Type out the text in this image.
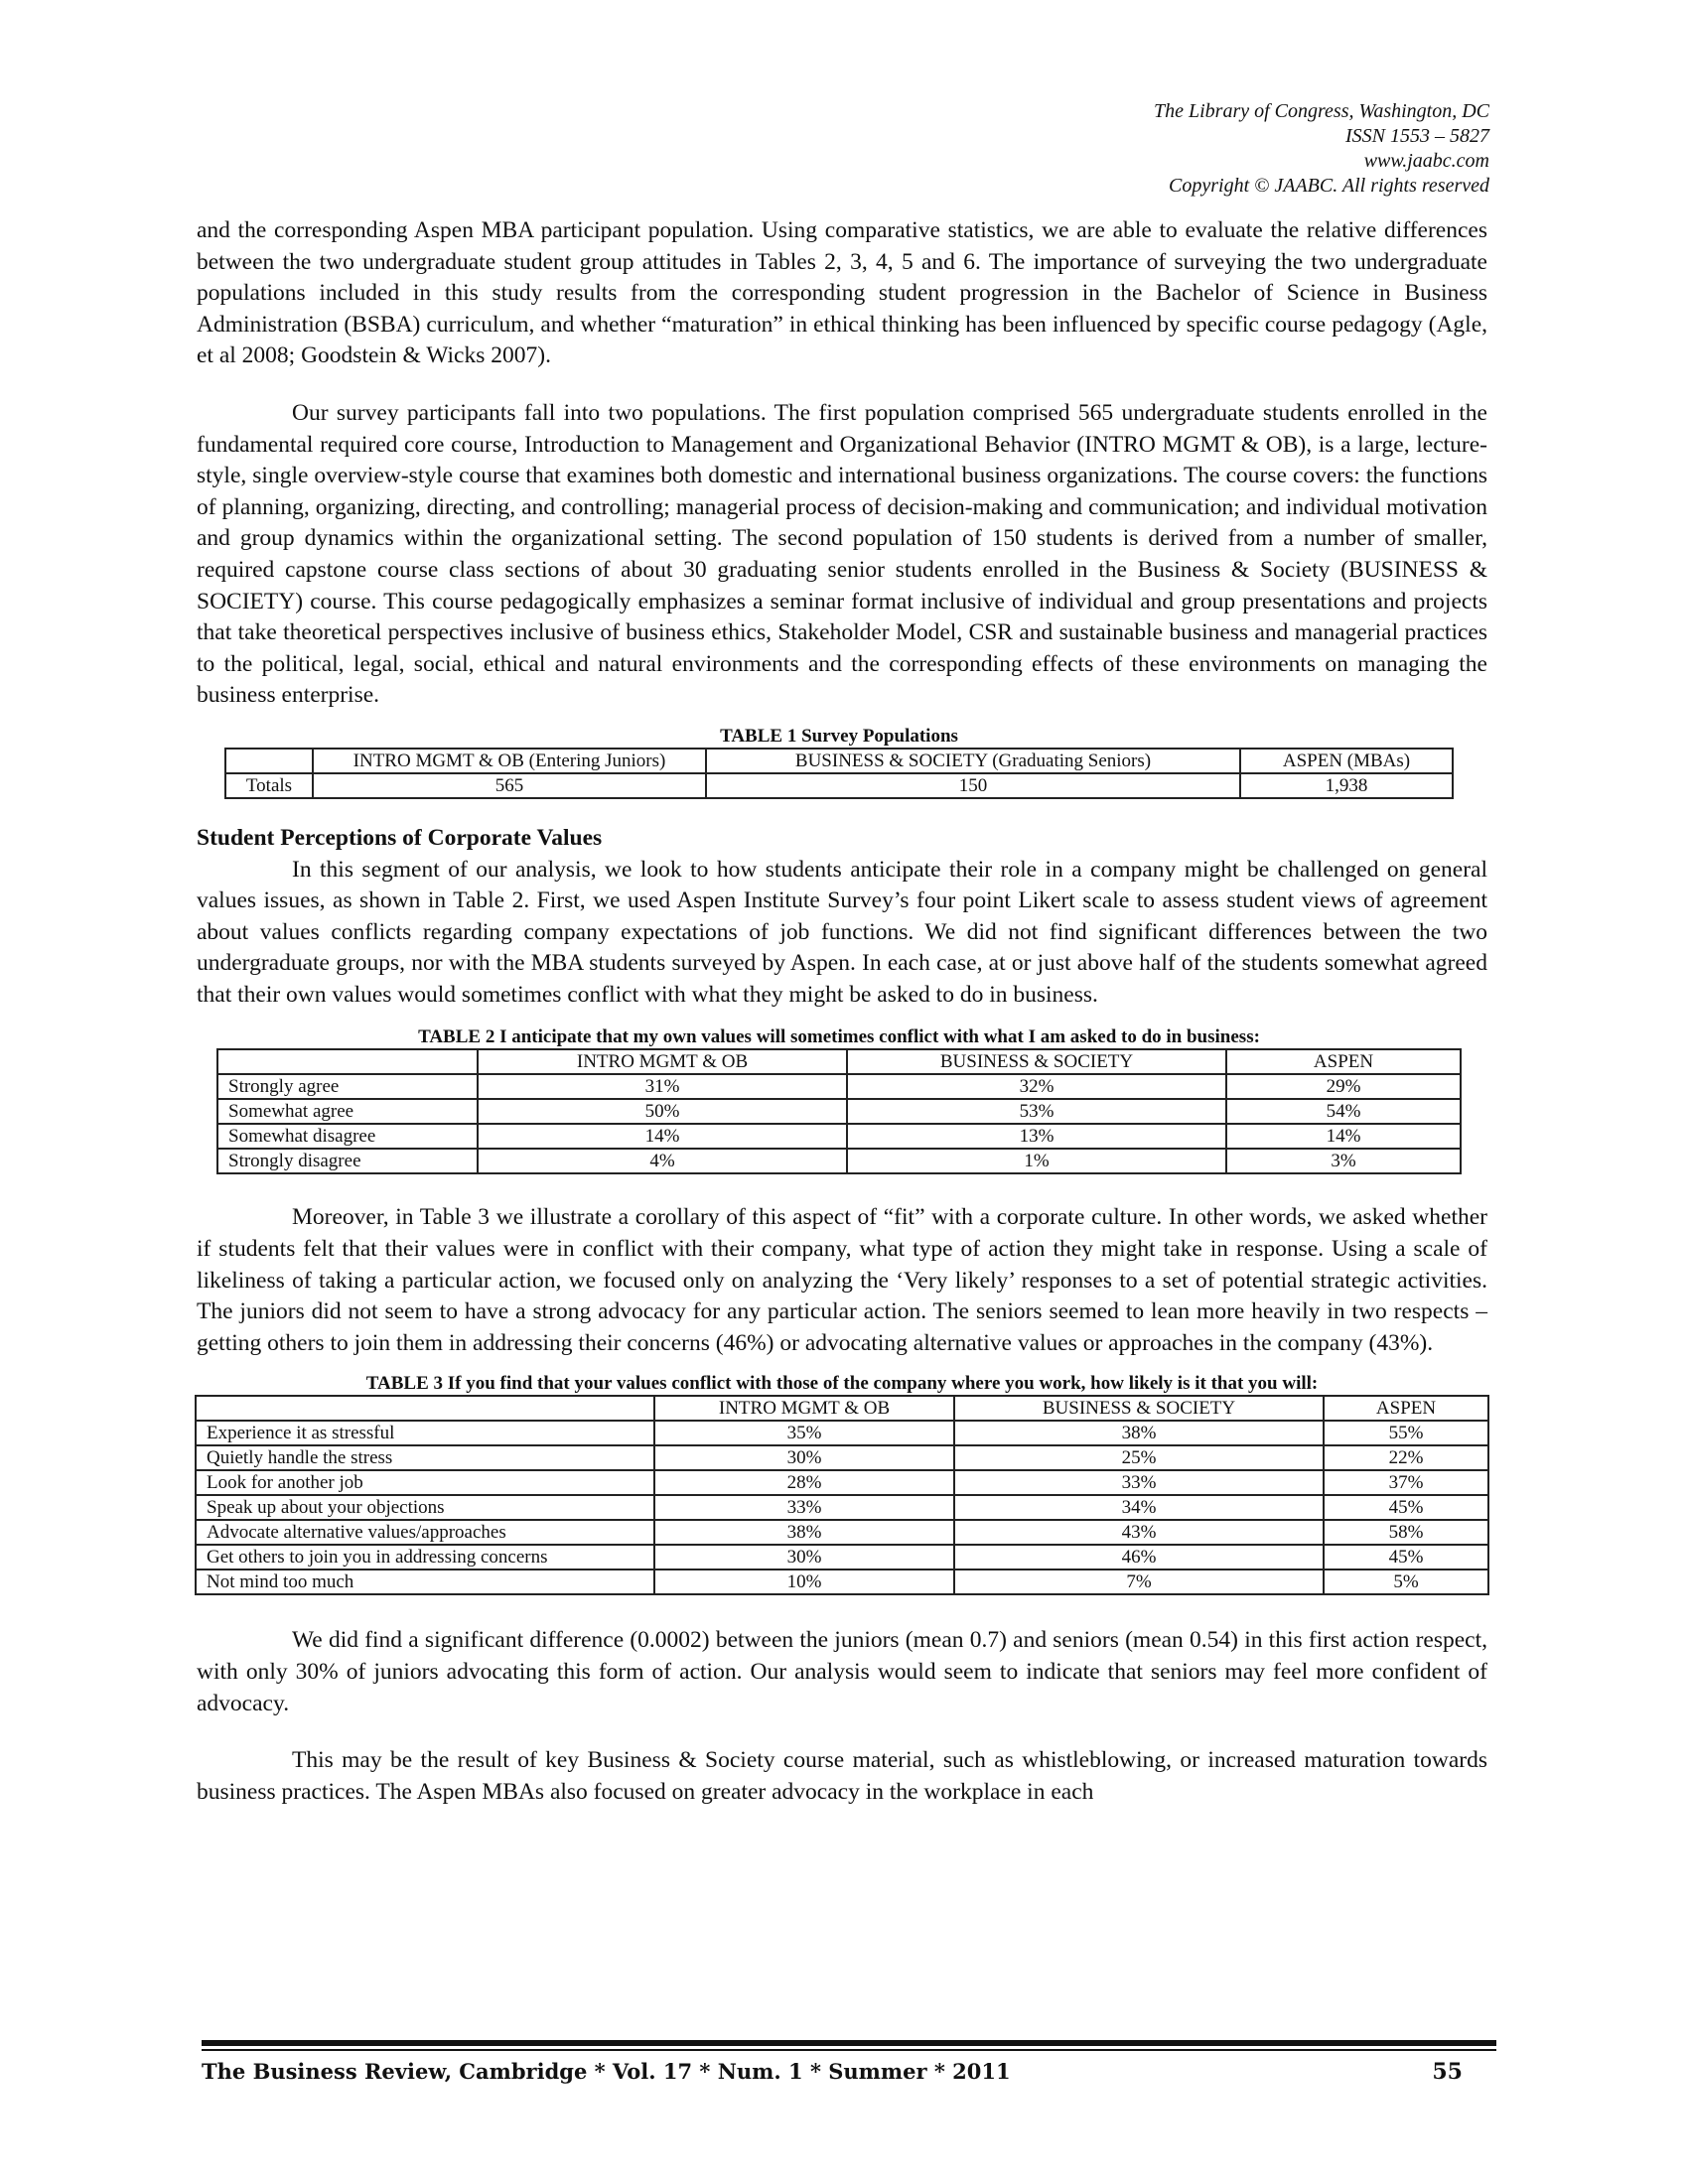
The Library of Congress, Washington, DC
ISSN 1553 – 5827
www.jaabc.com
Copyright © JAABC. All rights reserved

and the corresponding Aspen MBA participant population. Using comparative statistics, we are able to evaluate the relative differences between the two undergraduate student group attitudes in Tables 2, 3, 4, 5 and 6. The importance of surveying the two undergraduate populations included in this study results from the corresponding student progression in the Bachelor of Science in Business Administration (BSBA) curriculum, and whether “maturation” in ethical thinking has been influenced by specific course pedagogy (Agle, et al 2008; Goodstein & Wicks 2007).

Our survey participants fall into two populations. The first population comprised 565 undergraduate students enrolled in the fundamental required core course, Introduction to Management and Organizational Behavior (INTRO MGMT & OB), is a large, lecture-style, single overview-style course that examines both domestic and international business organizations. The course covers: the functions of planning, organizing, directing, and controlling; managerial process of decision-making and communication; and individual motivation and group dynamics within the organizational setting. The second population of 150 students is derived from a number of smaller, required capstone course class sections of about 30 graduating senior students enrolled in the Business & Society (BUSINESS & SOCIETY) course. This course pedagogically emphasizes a seminar format inclusive of individual and group presentations and projects that take theoretical perspectives inclusive of business ethics, Stakeholder Model, CSR and sustainable business and managerial practices to the political, legal, social, ethical and natural environments and the corresponding effects of these environments on managing the business enterprise.

TABLE 1 Survey Populations
	INTRO MGMT & OB (Entering Juniors)	BUSINESS & SOCIETY (Graduating Seniors)	ASPEN (MBAs)
Totals	565	150	1,938
Student Perceptions of Corporate Values

In this segment of our analysis, we look to how students anticipate their role in a company might be challenged on general values issues, as shown in Table 2. First, we used Aspen Institute Survey’s four point Likert scale to assess student views of agreement about values conflicts regarding company expectations of job functions. We did not find significant differences between the two undergraduate groups, nor with the MBA students surveyed by Aspen. In each case, at or just above half of the students somewhat agreed that their own values would sometimes conflict with what they might be asked to do in business.

TABLE 2 I anticipate that my own values will sometimes conflict with what I am asked to do in business:
	INTRO MGMT & OB	BUSINESS & SOCIETY	ASPEN
Strongly agree	31%	32%	29%
Somewhat agree	50%	53%	54%
Somewhat disagree	14%	13%	14%
Strongly disagree	4%	1%	3%

Moreover, in Table 3 we illustrate a corollary of this aspect of “fit” with a corporate culture. In other words, we asked whether if students felt that their values were in conflict with their company, what type of action they might take in response. Using a scale of likeliness of taking a particular action, we focused only on analyzing the ‘Very likely’ responses to a set of potential strategic activities. The juniors did not seem to have a strong advocacy for any particular action. The seniors seemed to lean more heavily in two respects – getting others to join them in addressing their concerns (46%) or advocating alternative values or approaches in the company (43%).

TABLE 3 If you find that your values conflict with those of the company where you work, how likely is it that you will:
	INTRO MGMT & OB	BUSINESS & SOCIETY	ASPEN
Experience it as stressful	35%	38%	55%
Quietly handle the stress	30%	25%	22%
Look for another job	28%	33%	37%
Speak up about your objections	33%	34%	45%
Advocate alternative values/approaches	38%	43%	58%
Get others to join you in addressing concerns	30%	46%	45%
Not mind too much	10%	7%	5%

We did find a significant difference (0.0002) between the juniors (mean 0.7) and seniors (mean 0.54) in this first action respect, with only 30% of juniors advocating this form of action. Our analysis would seem to indicate that seniors may feel more confident of advocacy.

This may be the result of key Business & Society course material, such as whistleblowing, or increased maturation towards business practices. The Aspen MBAs also focused on greater advocacy in the workplace in each

The Business Review, Cambridge * Vol. 17 * Num. 1 * Summer * 2011	55
